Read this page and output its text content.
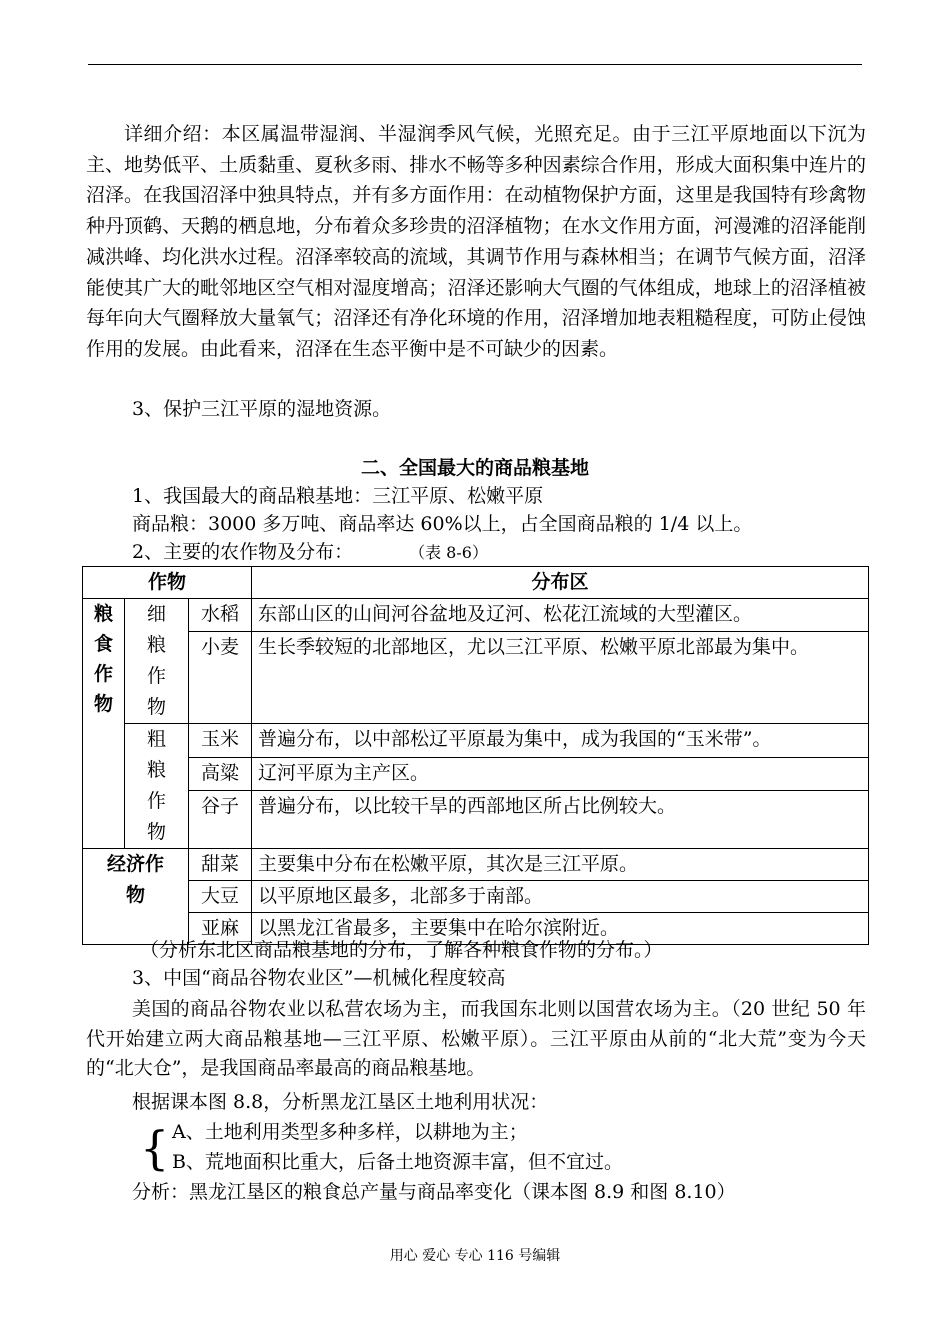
详细介绍：本区属温带湿润、半湿润季风气候，光照充足。由于三江平原地面以下沉为主、地势低平、土质黏重、夏秋多雨、排水不畅等多种因素综合作用，形成大面积集中连片的沼泽。在我国沼泽中独具特点，并有多方面作用：在动植物保护方面，这里是我国特有珍禽物种丹顶鹤、天鹅的栖息地，分布着众多珍贵的沼泽植物；在水文作用方面，河漫滩的沼泽能削减洪峰、均化洪水过程。沼泽率较高的流域，其调节作用与森林相当；在调节气候方面，沼泽能使其广大的毗邻地区空气相对湿度增高；沼泽还影响大气圈的气体组成，地球上的沼泽植被每年向大气圈释放大量氧气；沼泽还有净化环境的作用，沼泽增加地表粗糙程度，可防止侵蚀作用的发展。由此看来，沼泽在生态平衡中是不可缺少的因素。
3、保护三江平原的湿地资源。
二、全国最大的商品粮基地
1、我国最大的商品粮基地：三江平原、松嫩平原
商品粮：3000 多万吨、商品率达 60%以上，占全国商品粮的 1/4 以上。
2、主要的农作物及分布：	（表 8-6）
作物			分布区
粮食作物	细粮作物	水稻	东部山区的山间河谷盆地及辽河、松花江流域的大型灌区。
		小麦	生长季较短的北部地区，尤以三江平原、松嫩平原北部最为集中。
	粗粮作物	玉米	普遍分布，以中部松辽平原最为集中，成为我国的“玉米带”。
		高粱	辽河平原为主产区。
		谷子	普遍分布，以比较干旱的西部地区所占比例较大。
经济作物		甜菜	主要集中分布在松嫩平原，其次是三江平原。
		大豆	以平原地区最多，北部多于南部。
		亚麻	以黑龙江省最多，主要集中在哈尔滨附近。
（分析东北区商品粮基地的分布，了解各种粮食作物的分布。）
3、中国“商品谷物农业区”—机械化程度较高
美国的商品谷物农业以私营农场为主，而我国东北则以国营农场为主。（20 世纪 50 年代开始建立两大商品粮基地—三江平原、松嫩平原）。三江平原由从前的“北大荒”变为今天的“北大仓”，是我国商品率最高的商品粮基地。
根据课本图 8.8，分析黑龙江垦区土地利用状况：
{ A、土地利用类型多种多样，以耕地为主；
B、荒地面积比重大，后备土地资源丰富，但不宜过。
分析：黑龙江垦区的粮食总产量与商品率变化（课本图 8.9 和图 8.10）
用心 爱心 专心 116 号编辑
